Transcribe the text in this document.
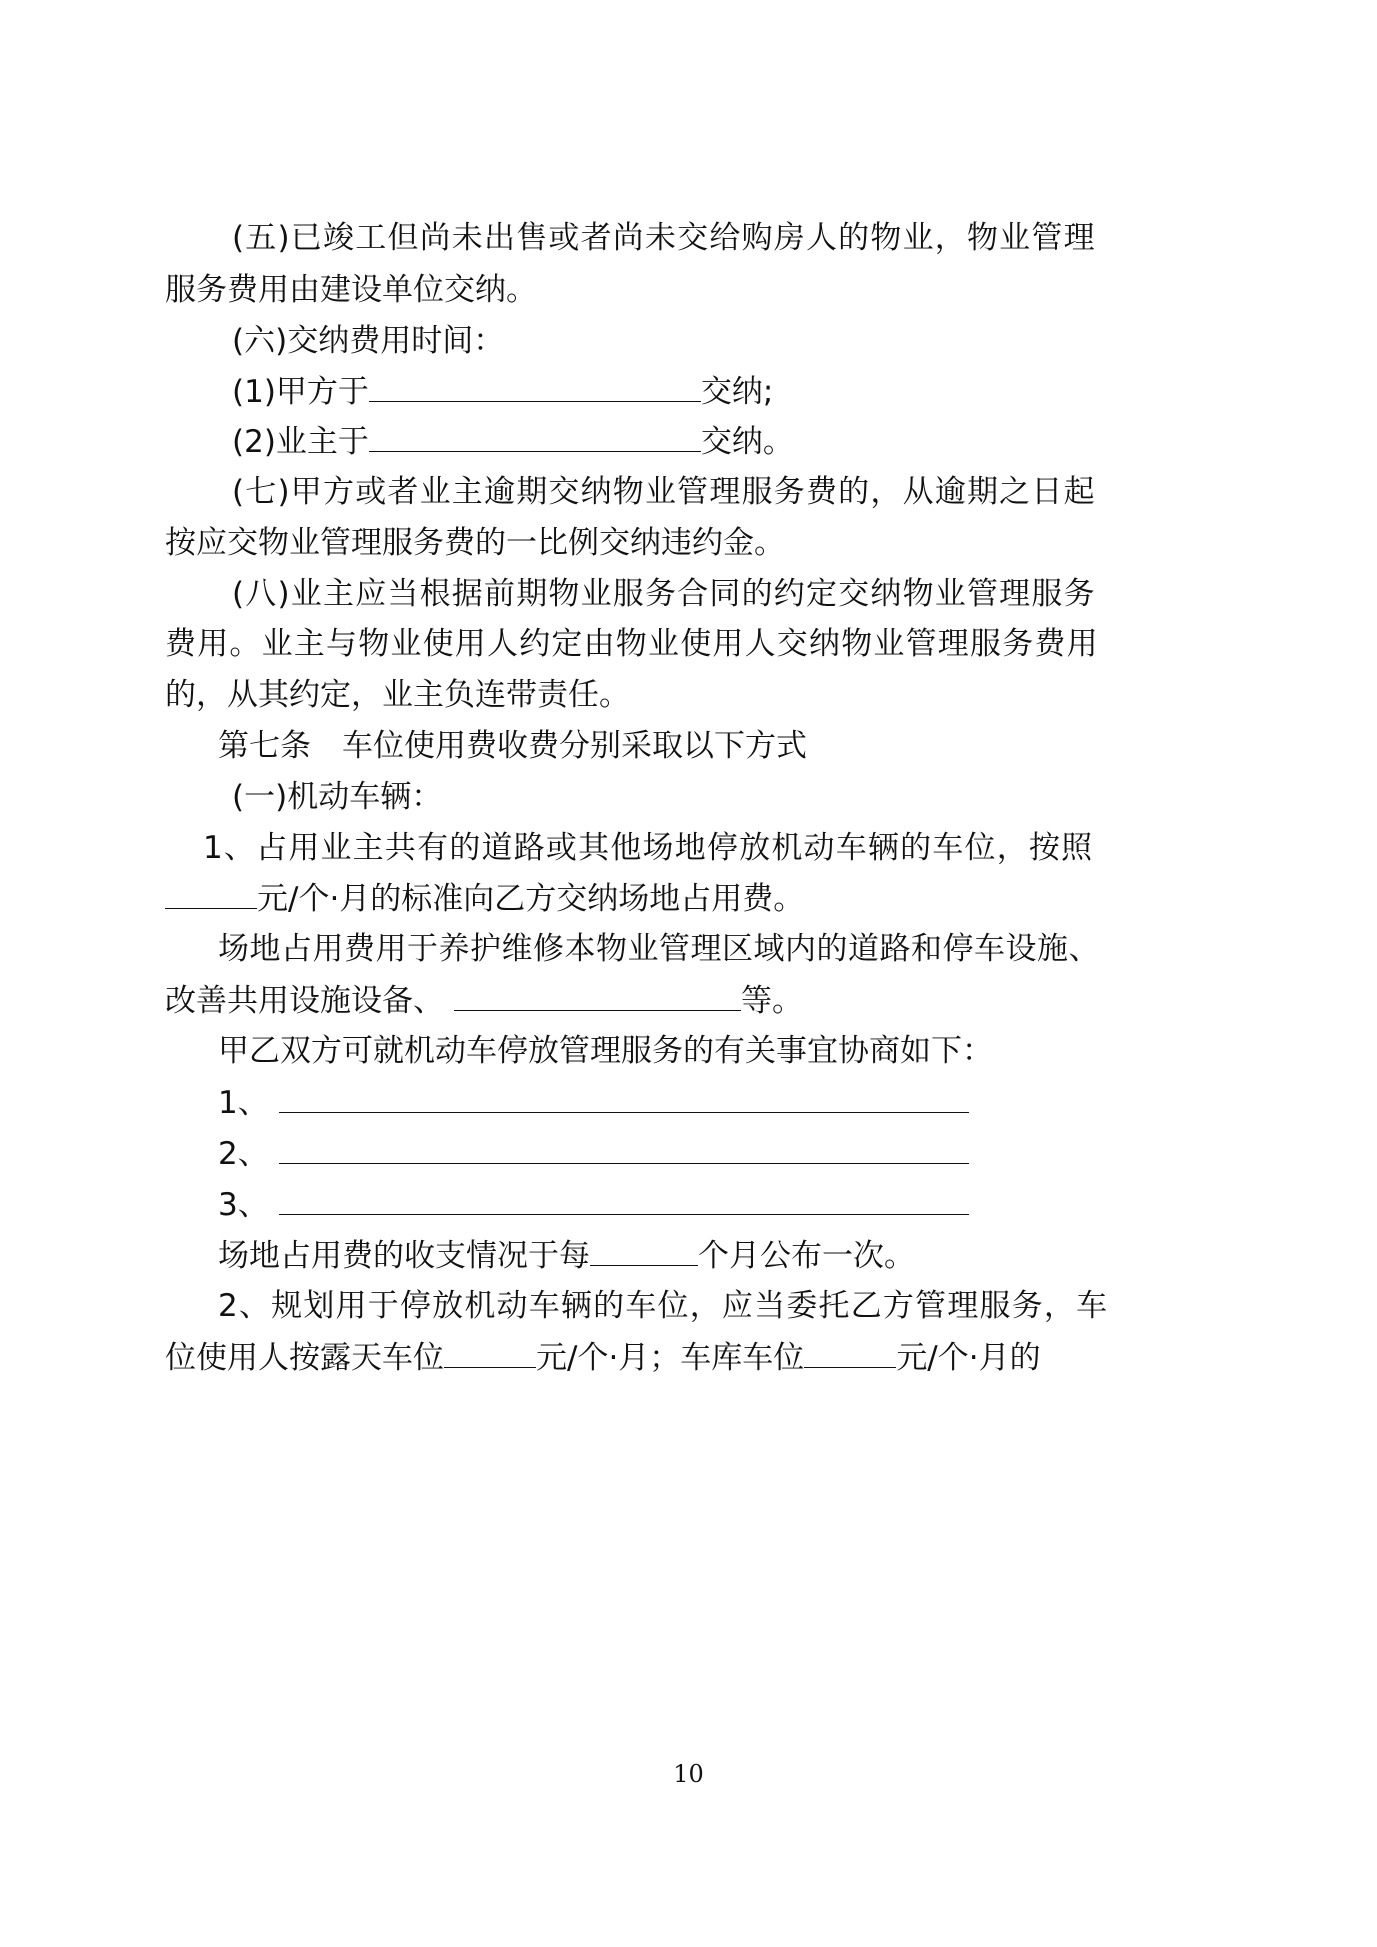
(五)已竣工但尚未出售或者尚未交给购房人的物业，物业管理

服务费用由建设单位交纳。

(六)交纳费用时间：

(1)甲方于	交纳;

(2)业主于	交纳。

(七)甲方或者业主逾期交纳物业管理服务费的，从逾期之日起

按应交物业管理服务费的一比例交纳违约金。

(八)业主应当根据前期物业服务合同的约定交纳物业管理服务

费用。业主与物业使用人约定由物业使用人交纳物业管理服务费用

的，从其约定，业主负连带责任。

第七条　车位使用费收费分别采取以下方式

(一)机动车辆：

1、占用业主共有的道路或其他场地停放机动车辆的车位，按照

元/个·月的标准向乙方交纳场地占用费。

场地占用费用于养护维修本物业管理区域内的道路和停车设施、

改善共用设施设备、	等。

甲乙双方可就机动车停放管理服务的有关事宜协商如下：

1、

2、

3、

场地占用费的收支情况于每	个月公布一次。

2、规划用于停放机动车辆的车位，应当委托乙方管理服务，车

位使用人按露天车位	元/个·月；车库车位	元/个·月的

10
